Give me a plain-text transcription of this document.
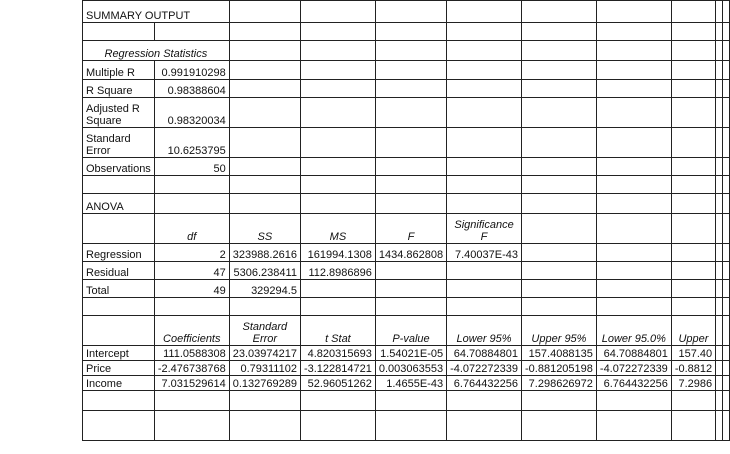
SUMMARY OUTPUT										

Regression Statistics										
Multiple R	0.991910298									
R Square	0.98388604									
Adjusted R Square	0.98320034									
Standard Error	10.6253795									
Observations	50									

ANOVA										
	df	SS	MS	F	Significance F					
Regression	2	323988.2616	161994.1308	1434.862808	7.40037E-43					
Residual	47	5306.238411	112.8986896							
Total	49	329294.5								

	Coefficients	Standard Error	t Stat	P-value	Lower 95%	Upper 95%	Lower 95.0%	Upper		
Intercept	111.0588308	23.03974217	4.820315693	1.54021E-05	64.70884801	157.4088135	64.70884801	157.40		
Price	-2.476738768	0.79311102	-3.122814721	0.003063553	-4.072272339	-0.881205198	-4.072272339	-0.8812		
Income	7.031529614	0.132769289	52.96051262	1.4655E-43	6.764432256	7.298626972	6.764432256	7.2986		
